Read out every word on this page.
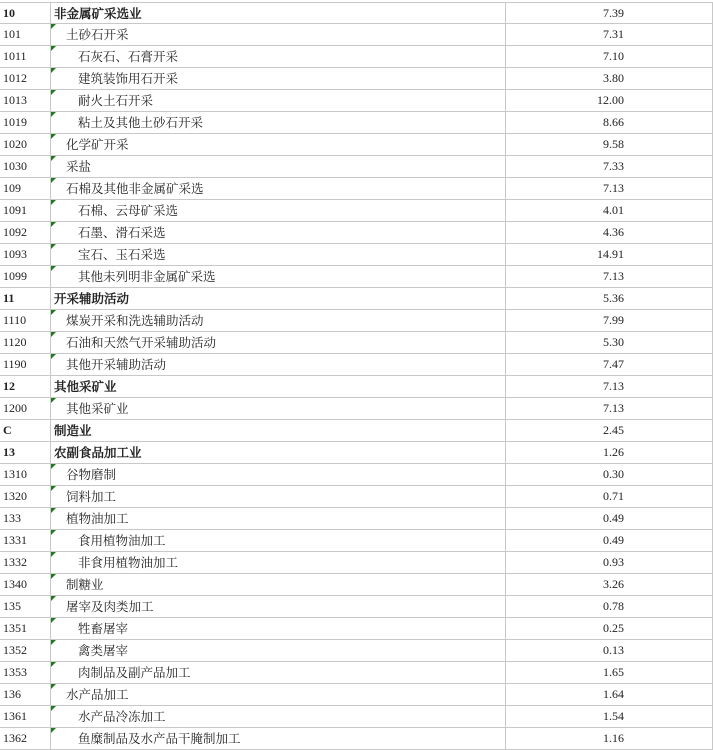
10	非金属矿采选业	7.39
101	土砂石开采	7.31
1011	石灰石、石膏开采	7.10
1012	建筑装饰用石开采	3.80
1013	耐火土石开采	12.00
1019	粘土及其他土砂石开采	8.66
1020	化学矿开采	9.58
1030	采盐	7.33
109	石棉及其他非金属矿采选	7.13
1091	石棉、云母矿采选	4.01
1092	石墨、滑石采选	4.36
1093	宝石、玉石采选	14.91
1099	其他未列明非金属矿采选	7.13
11	开采辅助活动	5.36
1110	煤炭开采和洗选辅助活动	7.99
1120	石油和天然气开采辅助活动	5.30
1190	其他开采辅助活动	7.47
12	其他采矿业	7.13
1200	其他采矿业	7.13
C	制造业	2.45
13	农副食品加工业	1.26
1310	谷物磨制	0.30
1320	饲料加工	0.71
133	植物油加工	0.49
1331	食用植物油加工	0.49
1332	非食用植物油加工	0.93
1340	制糖业	3.26
135	屠宰及肉类加工	0.78
1351	牲畜屠宰	0.25
1352	禽类屠宰	0.13
1353	肉制品及副产品加工	1.65
136	水产品加工	1.64
1361	水产品冷冻加工	1.54
1362	鱼糜制品及水产品干腌制加工	1.16
